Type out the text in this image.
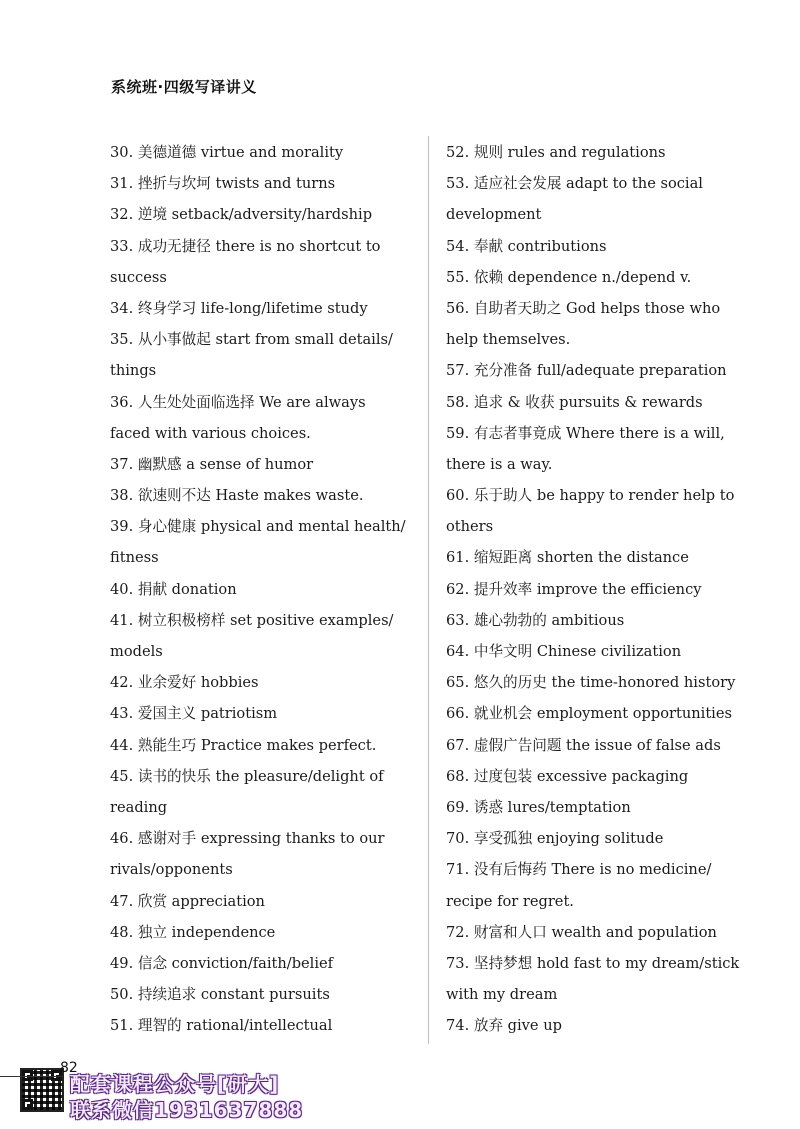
系统班·四级写译讲义
30. 美德道德 virtue and morality
31. 挫折与坎坷 twists and turns
32. 逆境 setback/adversity/hardship
33. 成功无捷径 there is no shortcut to
success
34. 终身学习 life-long/lifetime study
35. 从小事做起 start from small details/
things
36. 人生处处面临选择 We are always
faced with various choices.
37. 幽默感 a sense of humor
38. 欲速则不达 Haste makes waste.
39. 身心健康 physical and mental health/
fitness
40. 捐献 donation
41. 树立积极榜样 set positive examples/
models
42. 业余爱好 hobbies
43. 爱国主义 patriotism
44. 熟能生巧 Practice makes perfect.
45. 读书的快乐 the pleasure/delight of
reading
46. 感谢对手 expressing thanks to our
rivals/opponents
47. 欣赏 appreciation
48. 独立 independence
49. 信念 conviction/faith/belief
50. 持续追求 constant pursuits
51. 理智的 rational/intellectual
52. 规则 rules and regulations
53. 适应社会发展 adapt to the social
development
54. 奉献 contributions
55. 依赖 dependence n./depend v.
56. 自助者天助之 God helps those who
help themselves.
57. 充分准备 full/adequate preparation
58. 追求 & 收获 pursuits & rewards
59. 有志者事竟成 Where there is a will,
there is a way.
60. 乐于助人 be happy to render help to
others
61. 缩短距离 shorten the distance
62. 提升效率 improve the efficiency
63. 雄心勃勃的 ambitious
64. 中华文明 Chinese civilization
65. 悠久的历史 the time-honored history
66. 就业机会 employment opportunities
67. 虚假广告问题 the issue of false ads
68. 过度包装 excessive packaging
69. 诱惑 lures/temptation
70. 享受孤独 enjoying solitude
71. 没有后悔药 There is no medicine/
recipe for regret.
72. 财富和人口 wealth and population
73. 坚持梦想 hold fast to my dream/stick
with my dream
74. 放弃 give up
82
配套课程公众号[研大]
联系微信1931637888
